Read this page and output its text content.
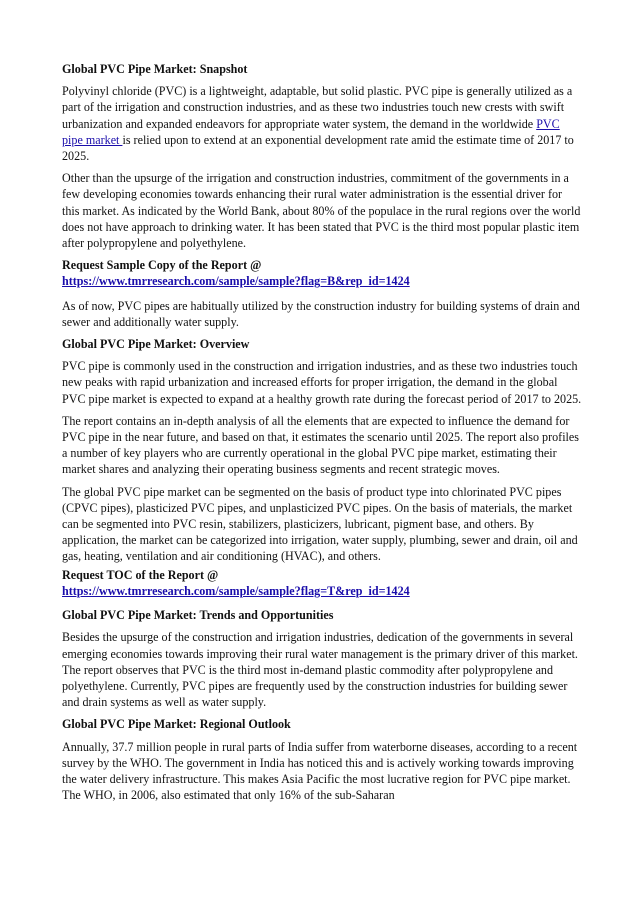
Global PVC Pipe Market: Snapshot

Polyvinyl chloride (PVC) is a lightweight, adaptable, but solid plastic. PVC pipe is generally utilized as a part of the irrigation and construction industries, and as these two industries touch new crests with swift urbanization and expanded endeavors for appropriate water system, the demand in the worldwide PVC pipe market is relied upon to extend at an exponential development rate amid the estimate time of 2017 to 2025.

Other than the upsurge of the irrigation and construction industries, commitment of the governments in a few developing economies towards enhancing their rural water administration is the essential driver for this market. As indicated by the World Bank, about 80% of the populace in the rural regions over the world does not have approach to drinking water. It has been stated that PVC is the third most popular plastic item after polypropylene and polyethylene.

Request Sample Copy of the Report @
https://www.tmrresearch.com/sample/sample?flag=B&rep_id=1424

As of now, PVC pipes are habitually utilized by the construction industry for building systems of drain and sewer and additionally water supply.

Global PVC Pipe Market: Overview

PVC pipe is commonly used in the construction and irrigation industries, and as these two industries touch new peaks with rapid urbanization and increased efforts for proper irrigation, the demand in the global PVC pipe market is expected to expand at a healthy growth rate during the forecast period of 2017 to 2025.

The report contains an in-depth analysis of all the elements that are expected to influence the demand for PVC pipe in the near future, and based on that, it estimates the scenario until 2025. The report also profiles a number of key players who are currently operational in the global PVC pipe market, estimating their market shares and analyzing their operating business segments and recent strategic moves.

The global PVC pipe market can be segmented on the basis of product type into chlorinated PVC pipes (CPVC pipes), plasticized PVC pipes, and unplasticized PVC pipes. On the basis of materials, the market can be segmented into PVC resin, stabilizers, plasticizers, lubricant, pigment base, and others. By application, the market can be categorized into irrigation, water supply, plumbing, sewer and drain, oil and gas, heating, ventilation and air conditioning (HVAC), and others.

Request TOC of the Report @
https://www.tmrresearch.com/sample/sample?flag=T&rep_id=1424
Global PVC Pipe Market: Trends and Opportunities

Besides the upsurge of the construction and irrigation industries, dedication of the governments in several emerging economies towards improving their rural water management is the primary driver of this market. The report observes that PVC is the third most in-demand plastic commodity after polypropylene and polyethylene. Currently, PVC pipes are frequently used by the construction industries for building sewer and drain systems as well as water supply.

Global PVC Pipe Market: Regional Outlook

Annually, 37.7 million people in rural parts of India suffer from waterborne diseases, according to a recent survey by the WHO. The government in India has noticed this and is actively working towards improving the water delivery infrastructure. This makes Asia Pacific the most lucrative region for PVC pipe market. The WHO, in 2006, also estimated that only 16% of the sub-Saharan
